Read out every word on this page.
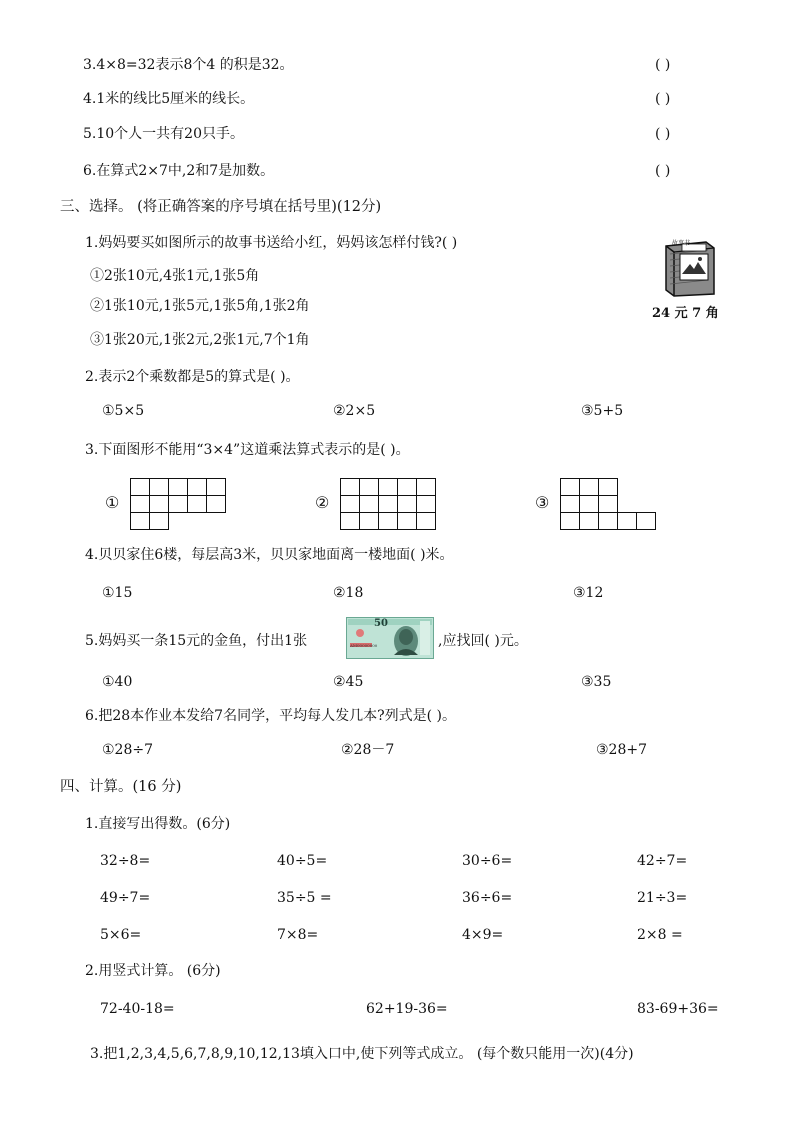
3.4×8=32表示8个4 的积是32。	( )
4.1米的线比5厘米的线长。	( )
5.10个人一共有20只手。	( )
6.在算式2×7中,2和7是加数。	( )
三、选择。 (将正确答案的序号填在括号里)(12分)
1.妈妈要买如图所示的故事书送给小红，妈妈该怎样付钱?( )
①2张10元,4张1元,1张5角
②1张10元,1张5元,1张5角,1张2角
③1张20元,1张2元,2张1元,7个1角
故事书
24 元 7 角
2.表示2个乘数都是5的算式是( )。
①5×5	②2×5	③5+5
3.下面图形不能用“3×4”这道乘法算式表示的是( )。
①

					②

					③

4.贝贝家住6楼，每层高3米，贝贝家地面离一楼地面( )米。
①15	②18	③12
5.妈妈买一条15元的金鱼，付出1张
50
AM00000000	,应找回( )元。
①40	②45	③35
6.把28本作业本发给7名同学，平均每人发几本?列式是( )。
①28÷7	②28－7	③28+7
四、计算。(16 分)
1.直接写出得数。(6分)
32÷8=	40÷5=	30÷6=	42÷7=
49÷7=	35÷5 =	36÷6=	21÷3=
5×6=	7×8=	4×9=	2×8 =
2.用竖式计算。 (6分)
72-40-18=	62+19-36=	83-69+36=
3.把1,2,3,4,5,6,7,8,9,10,12,13填入口中,使下列等式成立。 (每个数只能用一次)(4分)
